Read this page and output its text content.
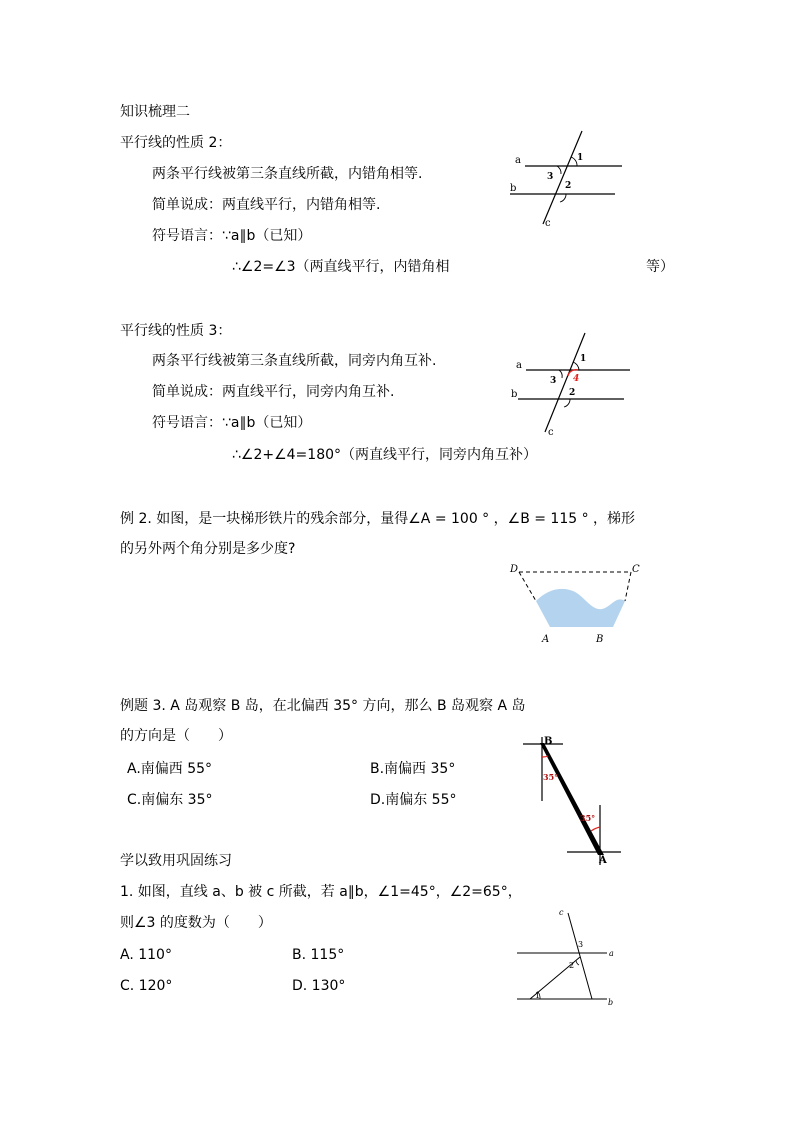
知识梳理二
平行线的性质 2：
两条平行线被第三条直线所截，内错角相等.
简单说成：两直线平行，内错角相等.
符号语言：∵a∥b（已知）
∴∠2=∠3（两直线平行，内错角相	等）
a
b
c
1
3
2
平行线的性质 3：
两条平行线被第三条直线所截，同旁内角互补.
简单说成：两直线平行，同旁内角互补.
符号语言：∵a∥b（已知）
∴∠2+∠4=180°（两直线平行，同旁内角互补）
a
b
c
1
3 4
2
例 2. 如图，是一块梯形铁片的残余部分，量得∠A = 100 ° ，∠B = 115 ° ，梯形
的另外两个角分别是多少度?
D	C
A	B
例题 3. A 岛观察 B 岛，在北偏西 35° 方向，那么 B 岛观察 A 岛
的方向是（　　）
A.南偏西 55°	B.南偏西 35°
C.南偏东 35°	D.南偏东 55°
B
A
35°
35°
学以致用巩固练习
1. 如图，直线 a、b 被 c 所截，若 a∥b，∠1=45°，∠2=65°，
则∠3 的度数为（　　）
A. 110°	B. 115°
C. 120°	D. 130°
c
a
b
3
2
1
